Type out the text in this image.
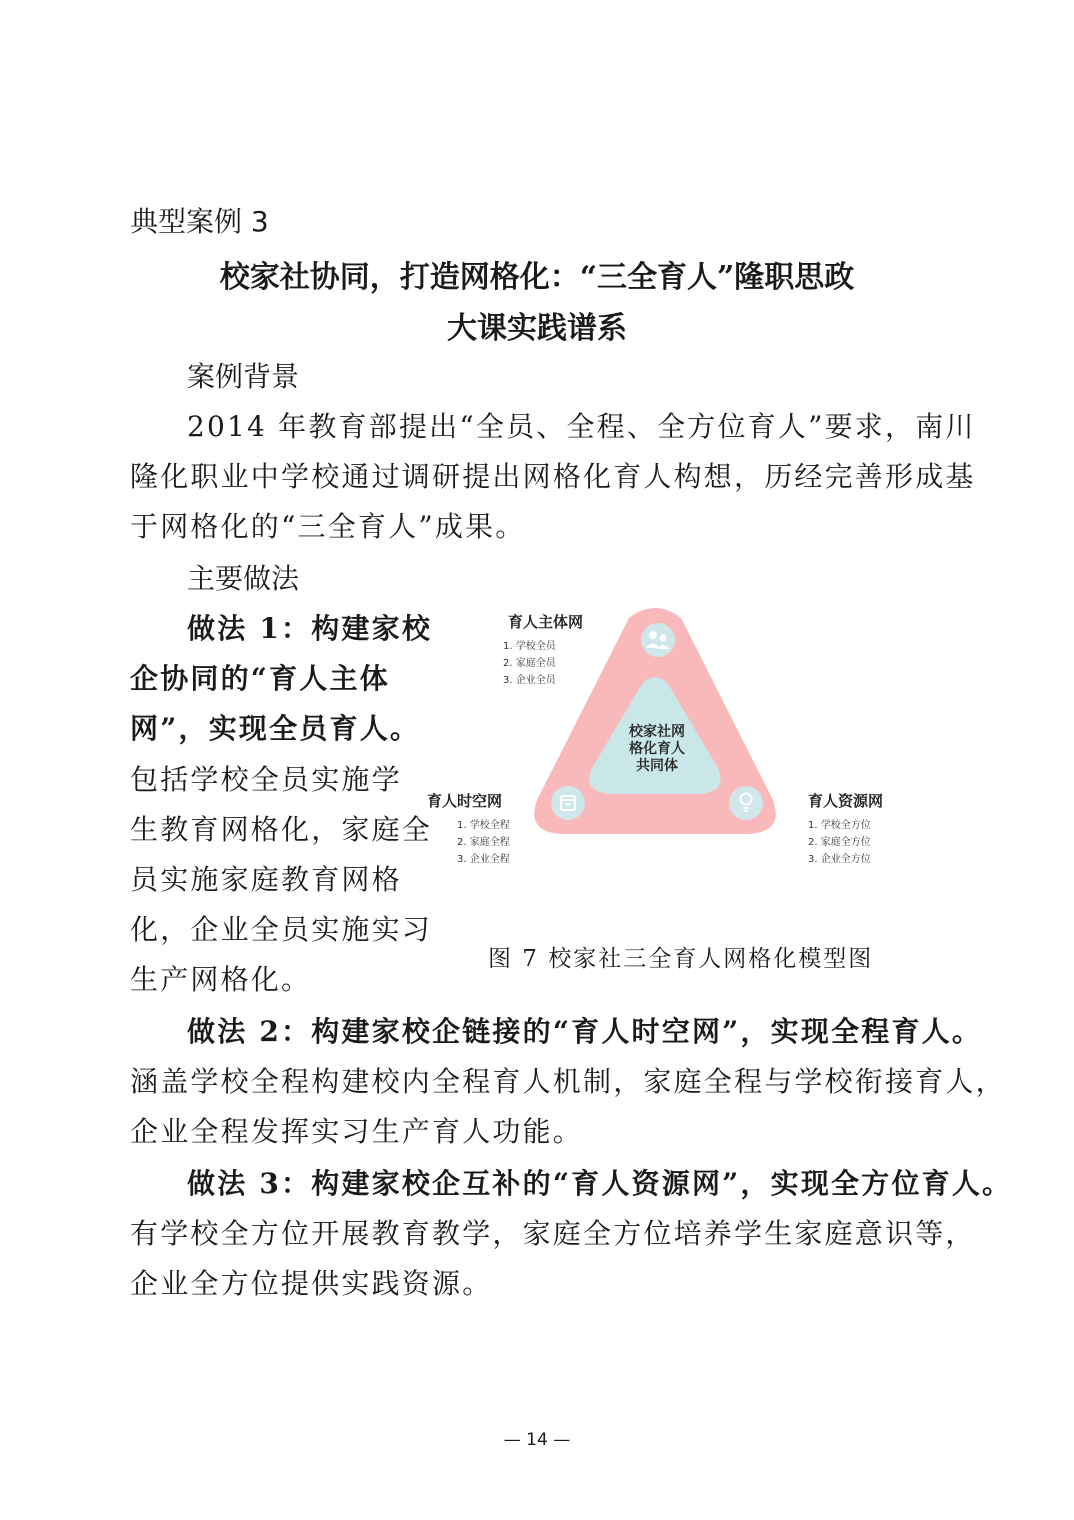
典型案例 3
校家社协同，打造网格化：“三全育人”隆职思政
大课实践谱系
案例背景
2014 年教育部提出“全员、全程、全方位育人”要求，南川
隆化职业中学校通过调研提出网格化育人构想，历经完善形成基
于网格化的“三全育人”成果。
主要做法
做法 1：构建家校
企协同的“育人主体
网”，实现全员育人。
包括学校全员实施学
生教育网格化，家庭全
员实施家庭教育网格
化，企业全员实施实习
生产网格化。
校家社网
格化育人
共同体
育人主体网
1. 学校全员
2. 家庭全员
3. 企业全员
育人时空网
1. 学校全程
2. 家庭全程
3. 企业全程
育人资源网
1. 学校全方位
2. 家庭全方位
3. 企业全方位
图 7 校家社三全育人网格化模型图
做法 2：构建家校企链接的“育人时空网”，实现全程育人。
涵盖学校全程构建校内全程育人机制，家庭全程与学校衔接育人，
企业全程发挥实习生产育人功能。
做法 3：构建家校企互补的“育人资源网”，实现全方位育人。
有学校全方位开展教育教学，家庭全方位培养学生家庭意识等，
企业全方位提供实践资源。
— 14 —
